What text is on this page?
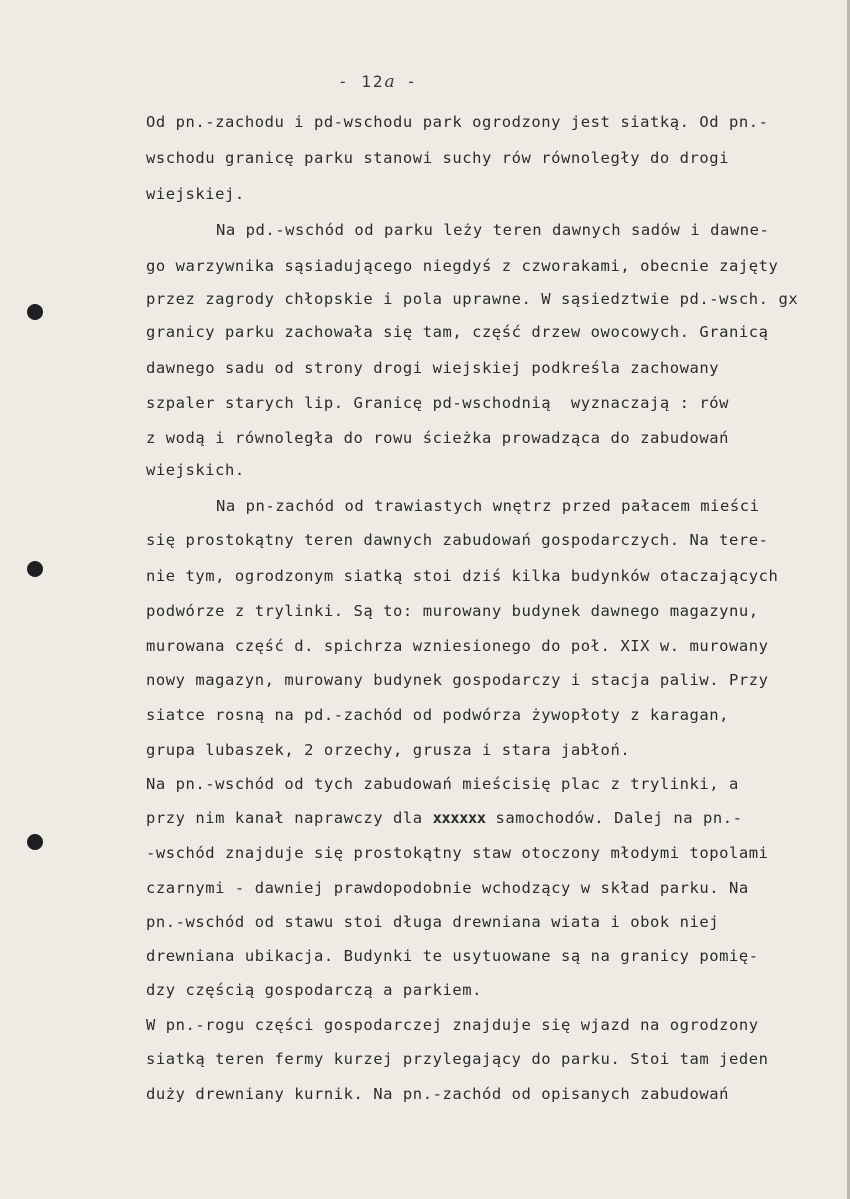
- 12a -
Od pn.-zachodu i pd-wschodu park ogrodzony jest siatką. Od pn.-
wschodu granicę parku stanowi suchy rów równoległy do drogi
wiejskiej.
Na pd.-wschód od parku leży teren dawnych sadów i dawne-
go warzywnika sąsiadującego niegdyś z czworakami, obecnie zajęty
przez zagrody chłopskie i pola uprawne. W sąsiedztwie pd.-wsch. gx
granicy parku zachowała się tam, część drzew owocowych. Granicą
dawnego sadu od strony drogi wiejskiej podkreśla zachowany
szpaler starych lip. Granicę pd-wschodnią  wyznaczają : rów
z wodą i równoległa do rowu ścieżka prowadząca do zabudowań
wiejskich.
Na pn-zachód od trawiastych wnętrz przed pałacem mieści
się prostokątny teren dawnych zabudowań gospodarczych. Na tere-
nie tym, ogrodzonym siatką stoi dziś kilka budynków otaczających
podwórze z trylinki. Są to: murowany budynek dawnego magazynu,
murowana część d. spichrza wzniesionego do poł. XIX w. murowany
nowy magazyn, murowany budynek gospodarczy i stacja paliw. Przy
siatce rosną na pd.-zachód od podwórza żywopłoty z karagan,
grupa lubaszek, 2 orzechy, grusza i stara jabłoń.
Na pn.-wschód od tych zabudowań mieścisię plac z trylinki, a
przy nim kanał naprawczy dla xxxxxx samochodów. Dalej na pn.-
-wschód znajduje się prostokątny staw otoczony młodymi topolami
czarnymi - dawniej prawdopodobnie wchodzący w skład parku. Na
pn.-wschód od stawu stoi długa drewniana wiata i obok niej
drewniana ubikacja. Budynki te usytuowane są na granicy pomię-
dzy częścią gospodarczą a parkiem.
W pn.-rogu części gospodarczej znajduje się wjazd na ogrodzony
siatką teren fermy kurzej przylegający do parku. Stoi tam jeden
duży drewniany kurnik. Na pn.-zachód od opisanych zabudowań
